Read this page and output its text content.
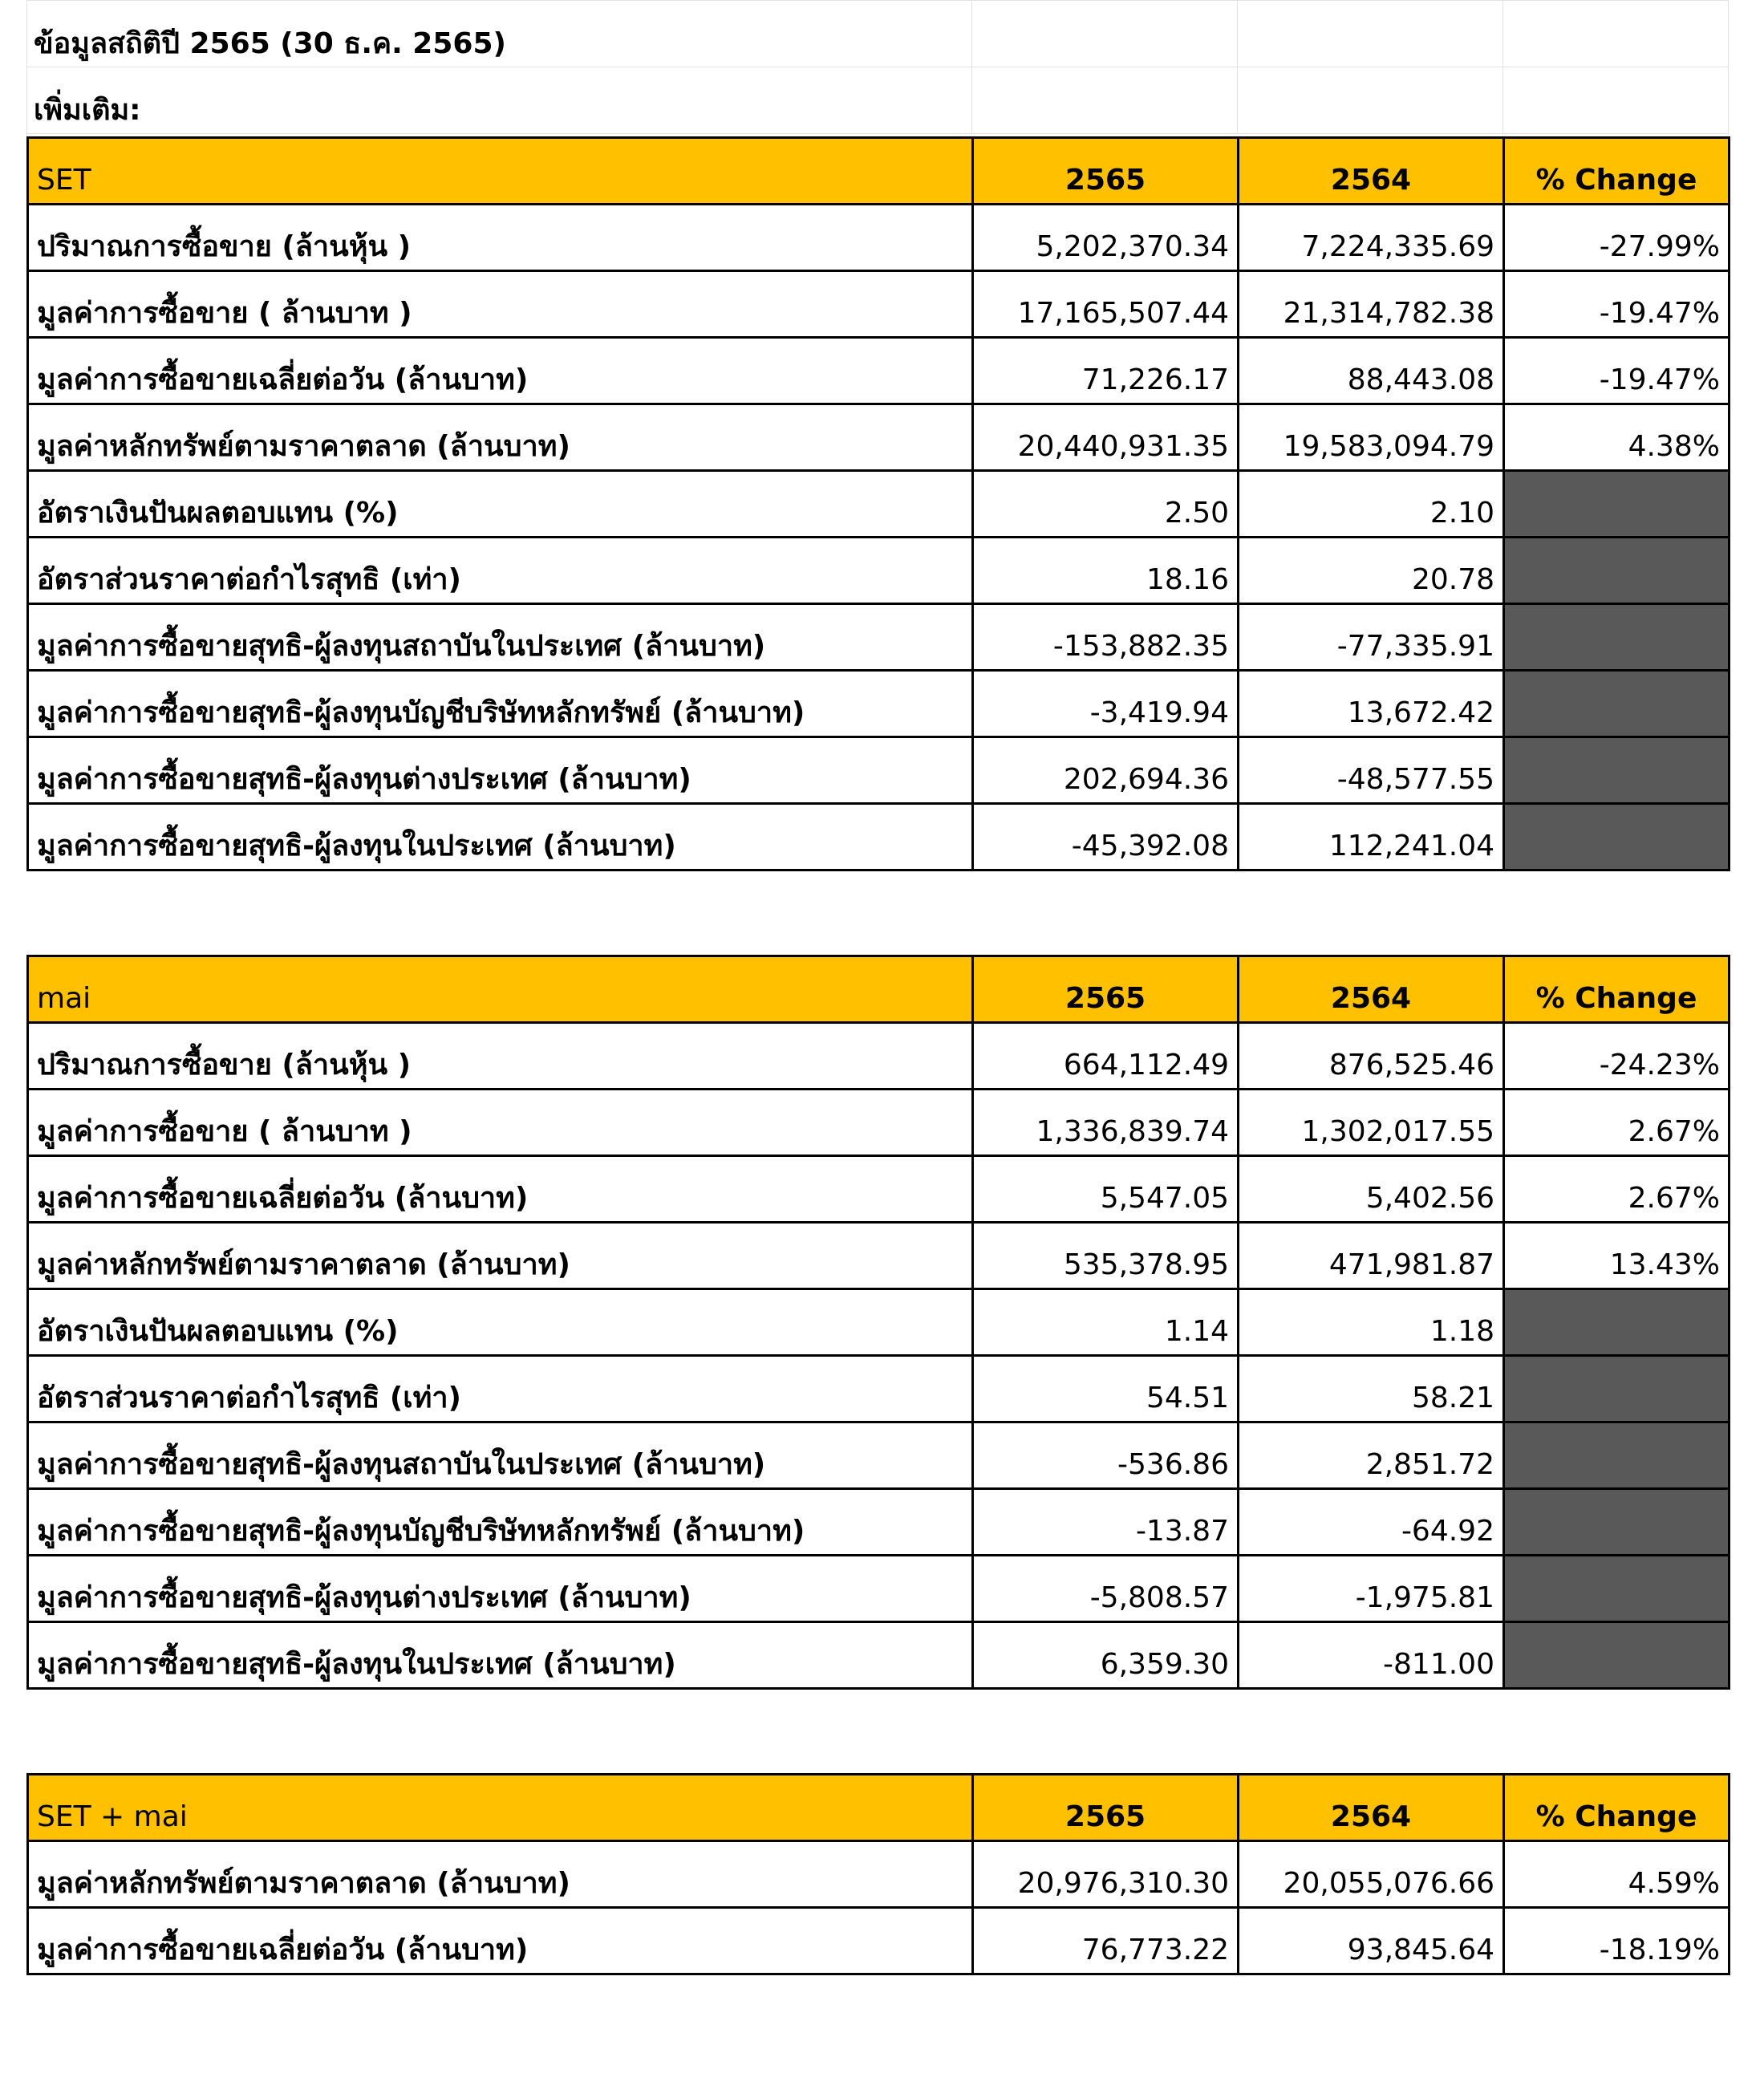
ข้อมูลสถิติปี 2565 (30 ธ.ค. 2565)			
เพิ่มเติม:			
SET	2565	2564	% Change
ปริมาณการซื้อขาย (ล้านหุ้น )	5,202,370.34	7,224,335.69	-27.99%
มูลค่าการซื้อขาย ( ล้านบาท )	17,165,507.44	21,314,782.38	-19.47%
มูลค่าการซื้อขายเฉลี่ยต่อวัน (ล้านบาท)	71,226.17	88,443.08	-19.47%
มูลค่าหลักทรัพย์ตามราคาตลาด (ล้านบาท)	20,440,931.35	19,583,094.79	4.38%
อัตราเงินปันผลตอบแทน (%)	2.50	2.10	
อัตราส่วนราคาต่อกำไรสุทธิ (เท่า)	18.16	20.78	
มูลค่าการซื้อขายสุทธิ-ผู้ลงทุนสถาบันในประเทศ (ล้านบาท)	-153,882.35	-77,335.91	
มูลค่าการซื้อขายสุทธิ-ผู้ลงทุนบัญชีบริษัทหลักทรัพย์ (ล้านบาท)	-3,419.94	13,672.42	
มูลค่าการซื้อขายสุทธิ-ผู้ลงทุนต่างประเทศ (ล้านบาท)	202,694.36	-48,577.55	
มูลค่าการซื้อขายสุทธิ-ผู้ลงทุนในประเทศ (ล้านบาท)	-45,392.08	112,241.04	
mai	2565	2564	% Change
ปริมาณการซื้อขาย (ล้านหุ้น )	664,112.49	876,525.46	-24.23%
มูลค่าการซื้อขาย ( ล้านบาท )	1,336,839.74	1,302,017.55	2.67%
มูลค่าการซื้อขายเฉลี่ยต่อวัน (ล้านบาท)	5,547.05	5,402.56	2.67%
มูลค่าหลักทรัพย์ตามราคาตลาด (ล้านบาท)	535,378.95	471,981.87	13.43%
อัตราเงินปันผลตอบแทน (%)	1.14	1.18	
อัตราส่วนราคาต่อกำไรสุทธิ (เท่า)	54.51	58.21	
มูลค่าการซื้อขายสุทธิ-ผู้ลงทุนสถาบันในประเทศ (ล้านบาท)	-536.86	2,851.72	
มูลค่าการซื้อขายสุทธิ-ผู้ลงทุนบัญชีบริษัทหลักทรัพย์ (ล้านบาท)	-13.87	-64.92	
มูลค่าการซื้อขายสุทธิ-ผู้ลงทุนต่างประเทศ (ล้านบาท)	-5,808.57	-1,975.81	
มูลค่าการซื้อขายสุทธิ-ผู้ลงทุนในประเทศ (ล้านบาท)	6,359.30	-811.00	
SET + mai	2565	2564	% Change
มูลค่าหลักทรัพย์ตามราคาตลาด (ล้านบาท)	20,976,310.30	20,055,076.66	4.59%
มูลค่าการซื้อขายเฉลี่ยต่อวัน (ล้านบาท)	76,773.22	93,845.64	-18.19%
